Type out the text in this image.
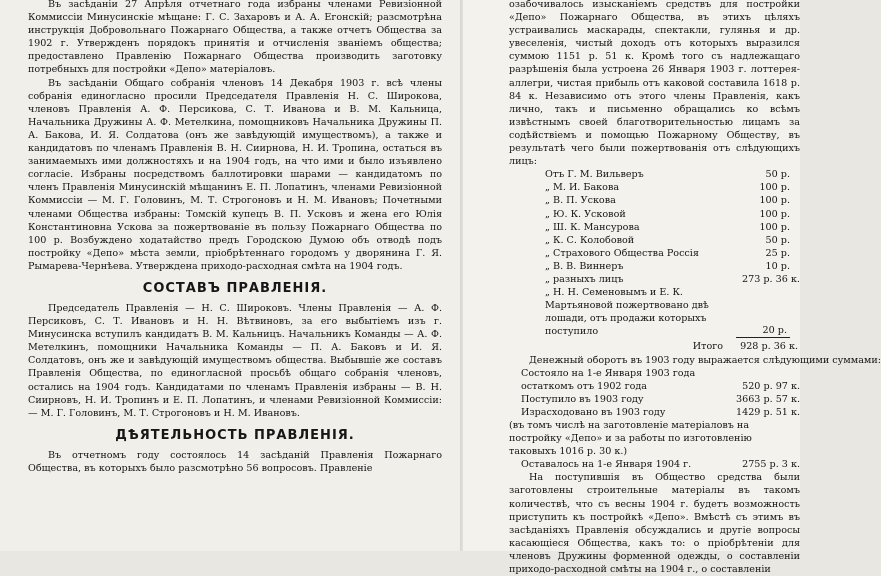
Въ засѣданiи 27 Апрѣля отчетнаго года избраны членами Ревизiонной Коммиссiи Минусинскiе мѣщане: Г. С. Захаровъ и А. А. Егонскiй; разсмотрѣна инструкцiя Добровольнаго Пожарнаго Общества, а также отчетъ Общества за 1902 г. Утвержденъ порядокъ принятiя и отчисленiя званiемъ общества; предоставлено Правленiю Пожарнаго Общества производить заготовку потребныхъ для постройки «Депо» матерiаловъ.

Въ засѣданiи Общаго собранiя членовъ 14 Декабря 1903 г. всѣ члены собранiя единогласно просили Председателя Правленiя Н. С. Широкова, членовъ Правленiя А. Ф. Персикова, С. Т. Иванова и В. М. Кальница, Начальника Дружины А. Ф. Метелкина, помощниковъ Начальника Дружины П. А. Бакова, И. Я. Солдатова (онъ же завѣдующiй имуществомъ), а также и кандидатовъ по членамъ Правленiя В. Н. Сиирнова, Н. И. Тропина, остаться въ занимаемыхъ ими должностяхъ и на 1904 годъ, на что ими и было изъявлено согласiе. Избраны посредствомъ баллотировки шарами — кандидатомъ по членъ Правленiя Минусинскiй мѣщанинъ Е. П. Лопатинъ, членами Ревизiонной Коммиссiи — М. Г. Головинъ, М. Т. Строгоновъ и Н. М. Ивановъ; Почетными членами Общества избраны: Томскiй купецъ В. П. Усковъ и жена его Юлiя Константиновна Ускова за пожертвованiе въ пользу Пожарнаго Общества по 100 р. Возбуждено ходатайство предъ Городскою Думою объ отводѣ подъ постройку «Депо» мѣста земли, прiобрѣтеннаго городомъ у дворянина Г. Я. Рымарева-Чернѣева. Утверждена приходо-расходная смѣта на 1904 годъ.

СОСТАВЪ ПРАВЛЕНIЯ.

Председатель Правленiя — Н. С. Широковъ. Члены Правленiя — А. Ф. Персиковъ, С. Т. Ивановъ и Н. Н. Вѣтвиновъ, за его выбытiемъ изъ г. Минусинска вступилъ кандидатъ В. М. Кальницъ. Начальникъ Команды — А. Ф. Метелкинъ, помощники Начальника Команды — П. А. Баковъ и И. Я. Солдатовъ, онъ же и завѣдующiй имуществомъ общества. Выбывшiе же составъ Правленiя Общества, по единогласной просьбѣ общаго собранiя членовъ, остались на 1904 годъ. Кандидатами по членамъ Правленiя избраны — В. Н. Сиирновъ, Н. И. Тропинъ и Е. П. Лопатинъ, и членами Ревизiонной Коммиссiи: — М. Г. Головинъ, М. Т. Строгоновъ и Н. М. Ивановъ.

ДѢЯТЕЛЬНОСТЬ ПРАВЛЕНIЯ.

Въ отчетномъ году состоялось 14 засѣданiй Правленiя Пожарнаго Общества, въ которыхъ было разсмотрѣно 56 вопросовъ. Правленiе

озабочивалось изысканiемъ средствъ для постройки «Депо» Пожарнаго Общества, въ этихъ цѣляхъ устраивались маскарады, спектакли, гулянья и др. увеселенiя, чистый доходъ отъ которыхъ выразился суммою 1151 р. 51 к. Кромѣ того съ надлежащаго разрѣшенiя была устроена 26 Января 1903 г. лоттерея-аллегри, чистая прибыль отъ каковой составила 1618 р. 84 к. Независимо отъ этого члены Правленiя, какъ лично, такъ и письменно обращались ко всѣмъ извѣстнымъ своей благотворительностью лицамъ за содѣйствiемъ и помощью Пожарному Обществу, въ результатѣ чего были пожертвованiя отъ слѣдующихъ лицъ:

Отъ Г. М. Вильверъ	50 р.
„ М. И. Баковa	100 р.
„ В. П. Ускова	100 р.
„ Ю. К. Усковой	100 р.
„ Ш. К. Мансурова	100 р.
„ К. С. Колобовой	50 р.
„ Страхового Общества Россiя	25 р.
„ В. В. Виннеръ	10 р.
„ разныхъ лицъ	273 р. 36 к.
„ Н. Н. Семеновымъ и Е. К. Мартьяновой пожертвовано двѣ лошади, отъ продажи которыхъ поступило	20 р.
Итого 928 р. 36 к.

Денежный оборотъ въ 1903 году выражается слѣдующими суммами:

Состояло на 1-е Января 1903 года
остаткомъ отъ 1902 года	520 р. 97 к.
Поступило въ 1903 году	3663 р. 57 к.
Израсходовано въ 1903 году	1429 р. 51 к.
(въ томъ числѣ на заготовленiе матерiаловъ на постройку «Депо» и за работы по изготовленiю таковыхъ 1016 р. 30 к.)
Оставалось на 1-е Января 1904 г.	2755 р. 3 к.

На поступившiя въ Общество средства были заготовлены строительные матерiалы въ такомъ количествѣ, что съ весны 1904 г. будетъ возможность приступить къ постройкѣ «Депо». Вмѣстѣ съ этимъ въ засѣданiяхъ Правленiя обсуждались и другiе вопросы касающiеся Общества, какъ то: о прiобрѣтенiи для членовъ Дружины форменной одежды, о составленiи приходо-расходной смѣты на 1904 г., о составленiи
